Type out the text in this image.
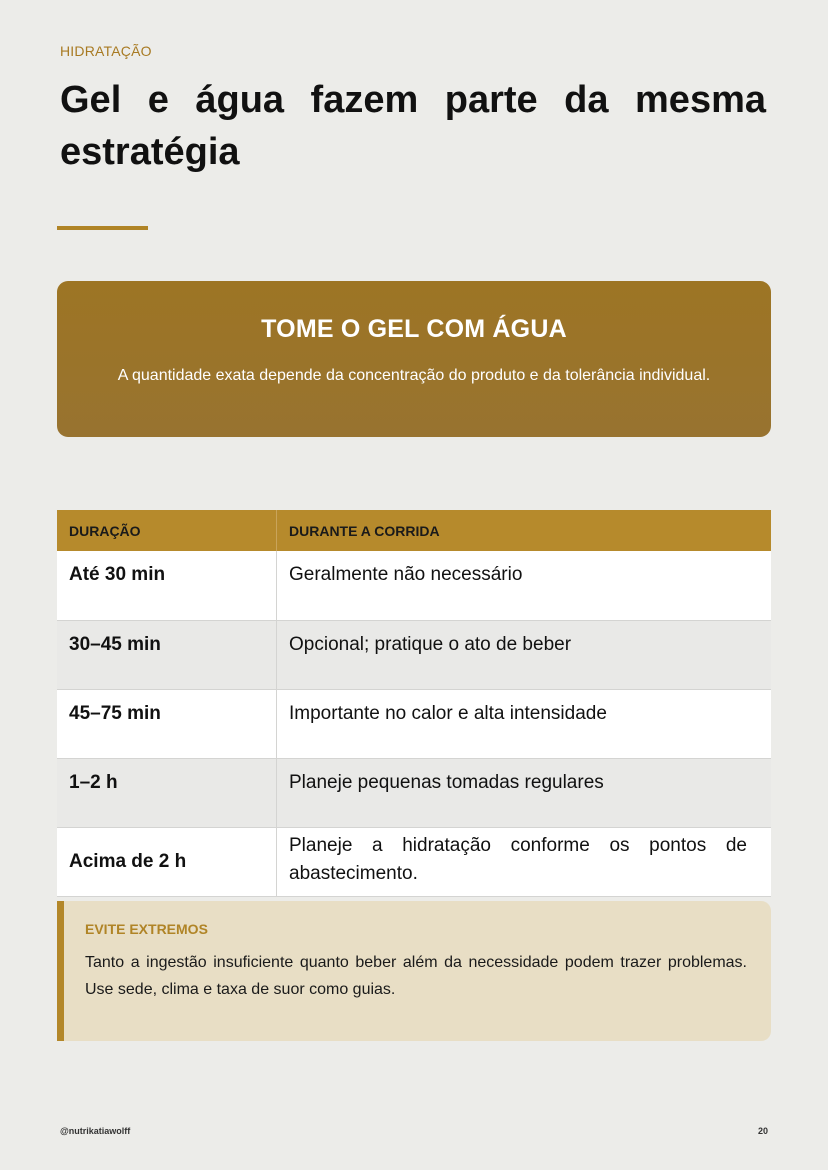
HIDRATAÇÃO
Gel e água fazem parte da mesma estratégia
TOME O GEL COM ÁGUA
A quantidade exata depende da concentração do produto e da tolerância individual.
DURAÇÃO	DURANTE A CORRIDA
Até 30 min	Geralmente não necessário
30–45 min	Opcional; pratique o ato de beber
45–75 min	Importante no calor e alta intensidade
1–2 h	Planeje pequenas tomadas regulares
Acima de 2 h	Planeje a hidratação conforme os pontos de abastecimento.
EVITE EXTREMOS
Tanto a ingestão insuficiente quanto beber além da necessidade podem trazer problemas. Use sede, clima e taxa de suor como guias.
@nutrikatiawolff	20
